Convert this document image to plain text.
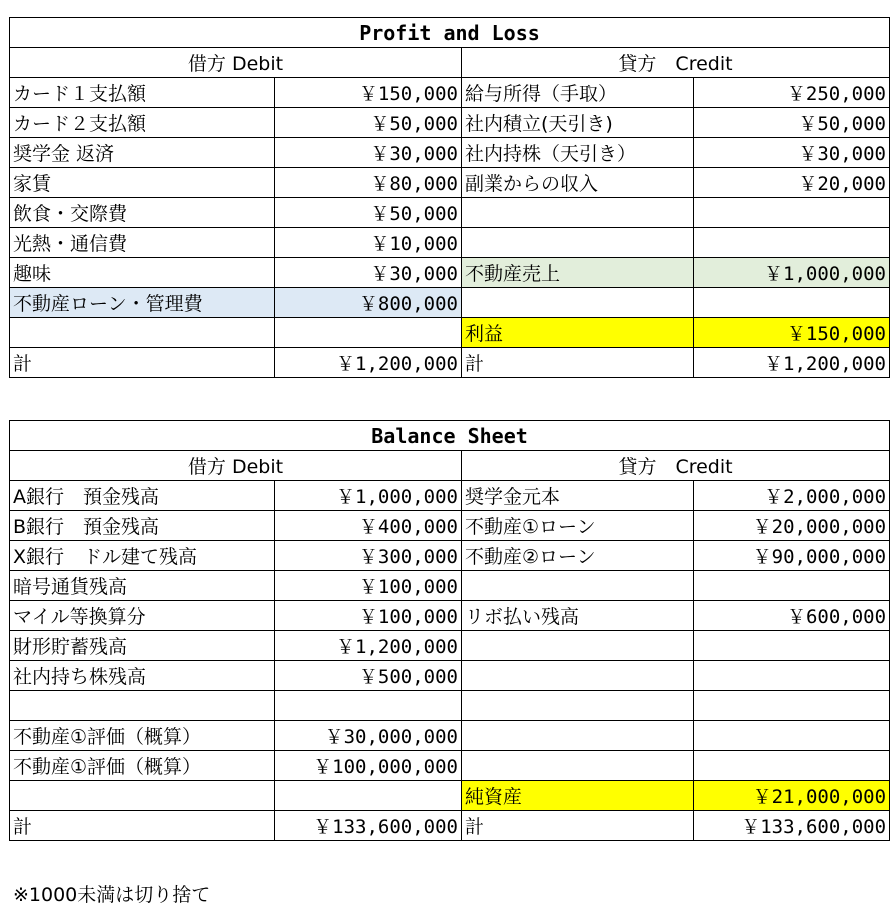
Profit and Loss			
借方 Debit		貸方　Credit	
カード１支払額	￥150,000	給与所得（手取）	￥250,000
カード２支払額	￥50,000	社内積立(天引き)	￥50,000
奨学金 返済	￥30,000	社内持株（天引き）	￥30,000
家賃	￥80,000	副業からの収入	￥20,000
飲食・交際費	￥50,000		
光熱・通信費	￥10,000		
趣味	￥30,000	不動産売上	￥1,000,000
不動産ローン・管理費	￥800,000		
		利益	￥150,000
計	￥1,200,000	計	￥1,200,000
Balance Sheet			
借方 Debit		貸方　Credit	
A銀行　預金残高	￥1,000,000	奨学金元本	￥2,000,000
B銀行　預金残高	￥400,000	不動産①ローン	￥20,000,000
X銀行　ドル建て残高	￥300,000	不動産②ローン	￥90,000,000
暗号通貨残高	￥100,000		
マイル等換算分	￥100,000	リボ払い残高	￥600,000
財形貯蓄残高	￥1,200,000		
社内持ち株残高	￥500,000		

不動産①評価（概算）	￥30,000,000		
不動産①評価（概算）	￥100,000,000		
		純資産	￥21,000,000
計	￥133,600,000	計	￥133,600,000
※1000未満は切り捨て
